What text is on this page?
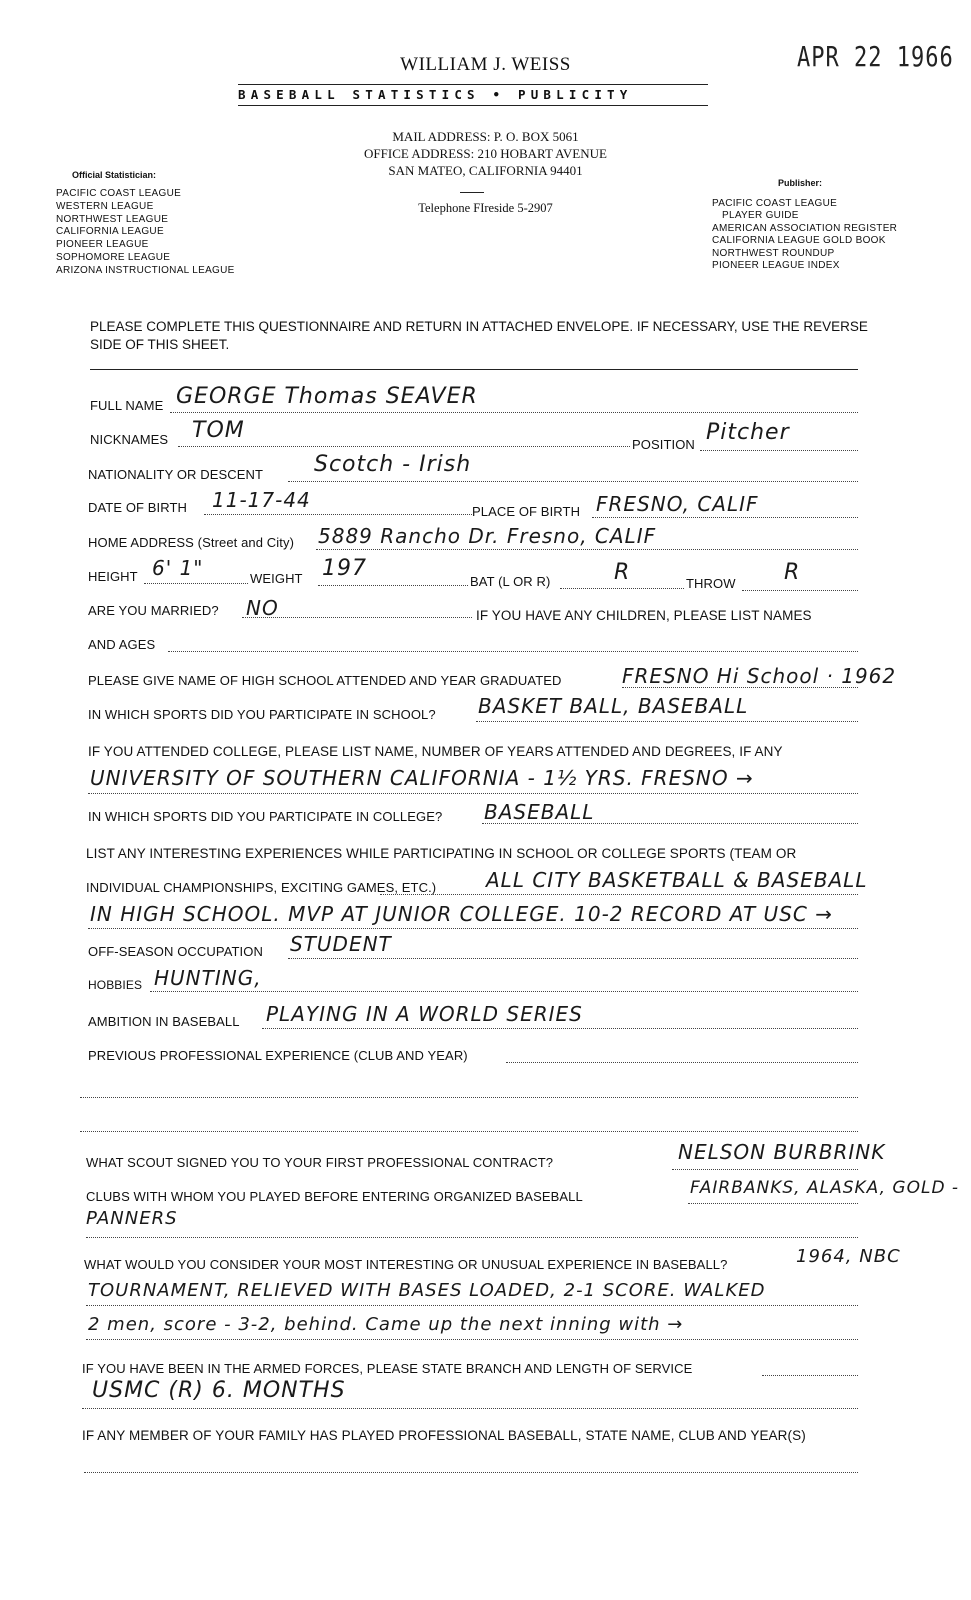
APR 22 1966
WILLIAM J. WEISS
BASEBALL STATISTICS • PUBLICITY
MAIL ADDRESS: P. O. BOX 5061
OFFICE ADDRESS: 210 HOBART AVENUE
SAN MATEO, CALIFORNIA 94401
Telephone FIreside 5-2907
Official Statistician:
PACIFIC COAST LEAGUE
WESTERN LEAGUE
NORTHWEST LEAGUE
CALIFORNIA LEAGUE
PIONEER LEAGUE
SOPHOMORE LEAGUE
ARIZONA INSTRUCTIONAL LEAGUE
Publisher:
PACIFIC COAST LEAGUE
PLAYER GUIDE
AMERICAN ASSOCIATION REGISTER
CALIFORNIA LEAGUE GOLD BOOK
NORTHWEST ROUNDUP
PIONEER LEAGUE INDEX
PLEASE COMPLETE THIS QUESTIONNAIRE AND RETURN IN ATTACHED ENVELOPE. IF NECESSARY, USE THE REVERSE SIDE OF THIS SHEET.
FULL NAME GEORGE Thomas SEAVER
NICKNAMES TOM
POSITION Pitcher
NATIONALITY OR DESCENT Scotch - Irish
DATE OF BIRTH 11-17-44	PLACE OF BIRTH FRESNO, CALIF
HOME ADDRESS (Street and City) 5889 Rancho Dr. Fresno, CALIF
HEIGHT 6' 1"	WEIGHT 197
BAT (L OR R)	R	THROW R
ARE YOU MARRIED? NO	IF YOU HAVE ANY CHILDREN, PLEASE LIST NAMES
AND AGES
PLEASE GIVE NAME OF HIGH SCHOOL ATTENDED AND YEAR GRADUATED	FRESNO Hi School · 1962
IN WHICH SPORTS DID YOU PARTICIPATE IN SCHOOL? BASKET BALL, BASEBALL
IF YOU ATTENDED COLLEGE, PLEASE LIST NAME, NUMBER OF YEARS ATTENDED AND DEGREES, IF ANY
UNIVERSITY OF SOUTHERN CALIFORNIA - 1½ YRS. FRESNO →
IN WHICH SPORTS DID YOU PARTICIPATE IN COLLEGE? BASEBALL
LIST ANY INTERESTING EXPERIENCES WHILE PARTICIPATING IN SCHOOL OR COLLEGE SPORTS (TEAM OR
INDIVIDUAL CHAMPIONSHIPS, EXCITING GAMES, ETC.) ALL CITY BASKETBALL & BASEBALL
IN HIGH SCHOOL. MVP AT JUNIOR COLLEGE. 10-2 RECORD AT USC →
OFF-SEASON OCCUPATION STUDENT
HOBBIES HUNTING,
AMBITION IN BASEBALL PLAYING IN A WORLD SERIES
PREVIOUS PROFESSIONAL EXPERIENCE (CLUB AND YEAR)
WHAT SCOUT SIGNED YOU TO YOUR FIRST PROFESSIONAL CONTRACT?	NELSON BURBRINK
CLUBS WITH WHOM YOU PLAYED BEFORE ENTERING ORGANIZED BASEBALL	FAIRBANKS, ALASKA, GOLD -
PANNERS
WHAT WOULD YOU CONSIDER YOUR MOST INTERESTING OR UNUSUAL EXPERIENCE IN BASEBALL?	1964, NBC
TOURNAMENT, RELIEVED WITH BASES LOADED, 2-1 SCORE. WALKED
2 men, score - 3-2, behind. Came up the next inning with →
IF YOU HAVE BEEN IN THE ARMED FORCES, PLEASE STATE BRANCH AND LENGTH OF SERVICE
USMC (R) 6. MONTHS
IF ANY MEMBER OF YOUR FAMILY HAS PLAYED PROFESSIONAL BASEBALL, STATE NAME, CLUB AND YEAR(S)
